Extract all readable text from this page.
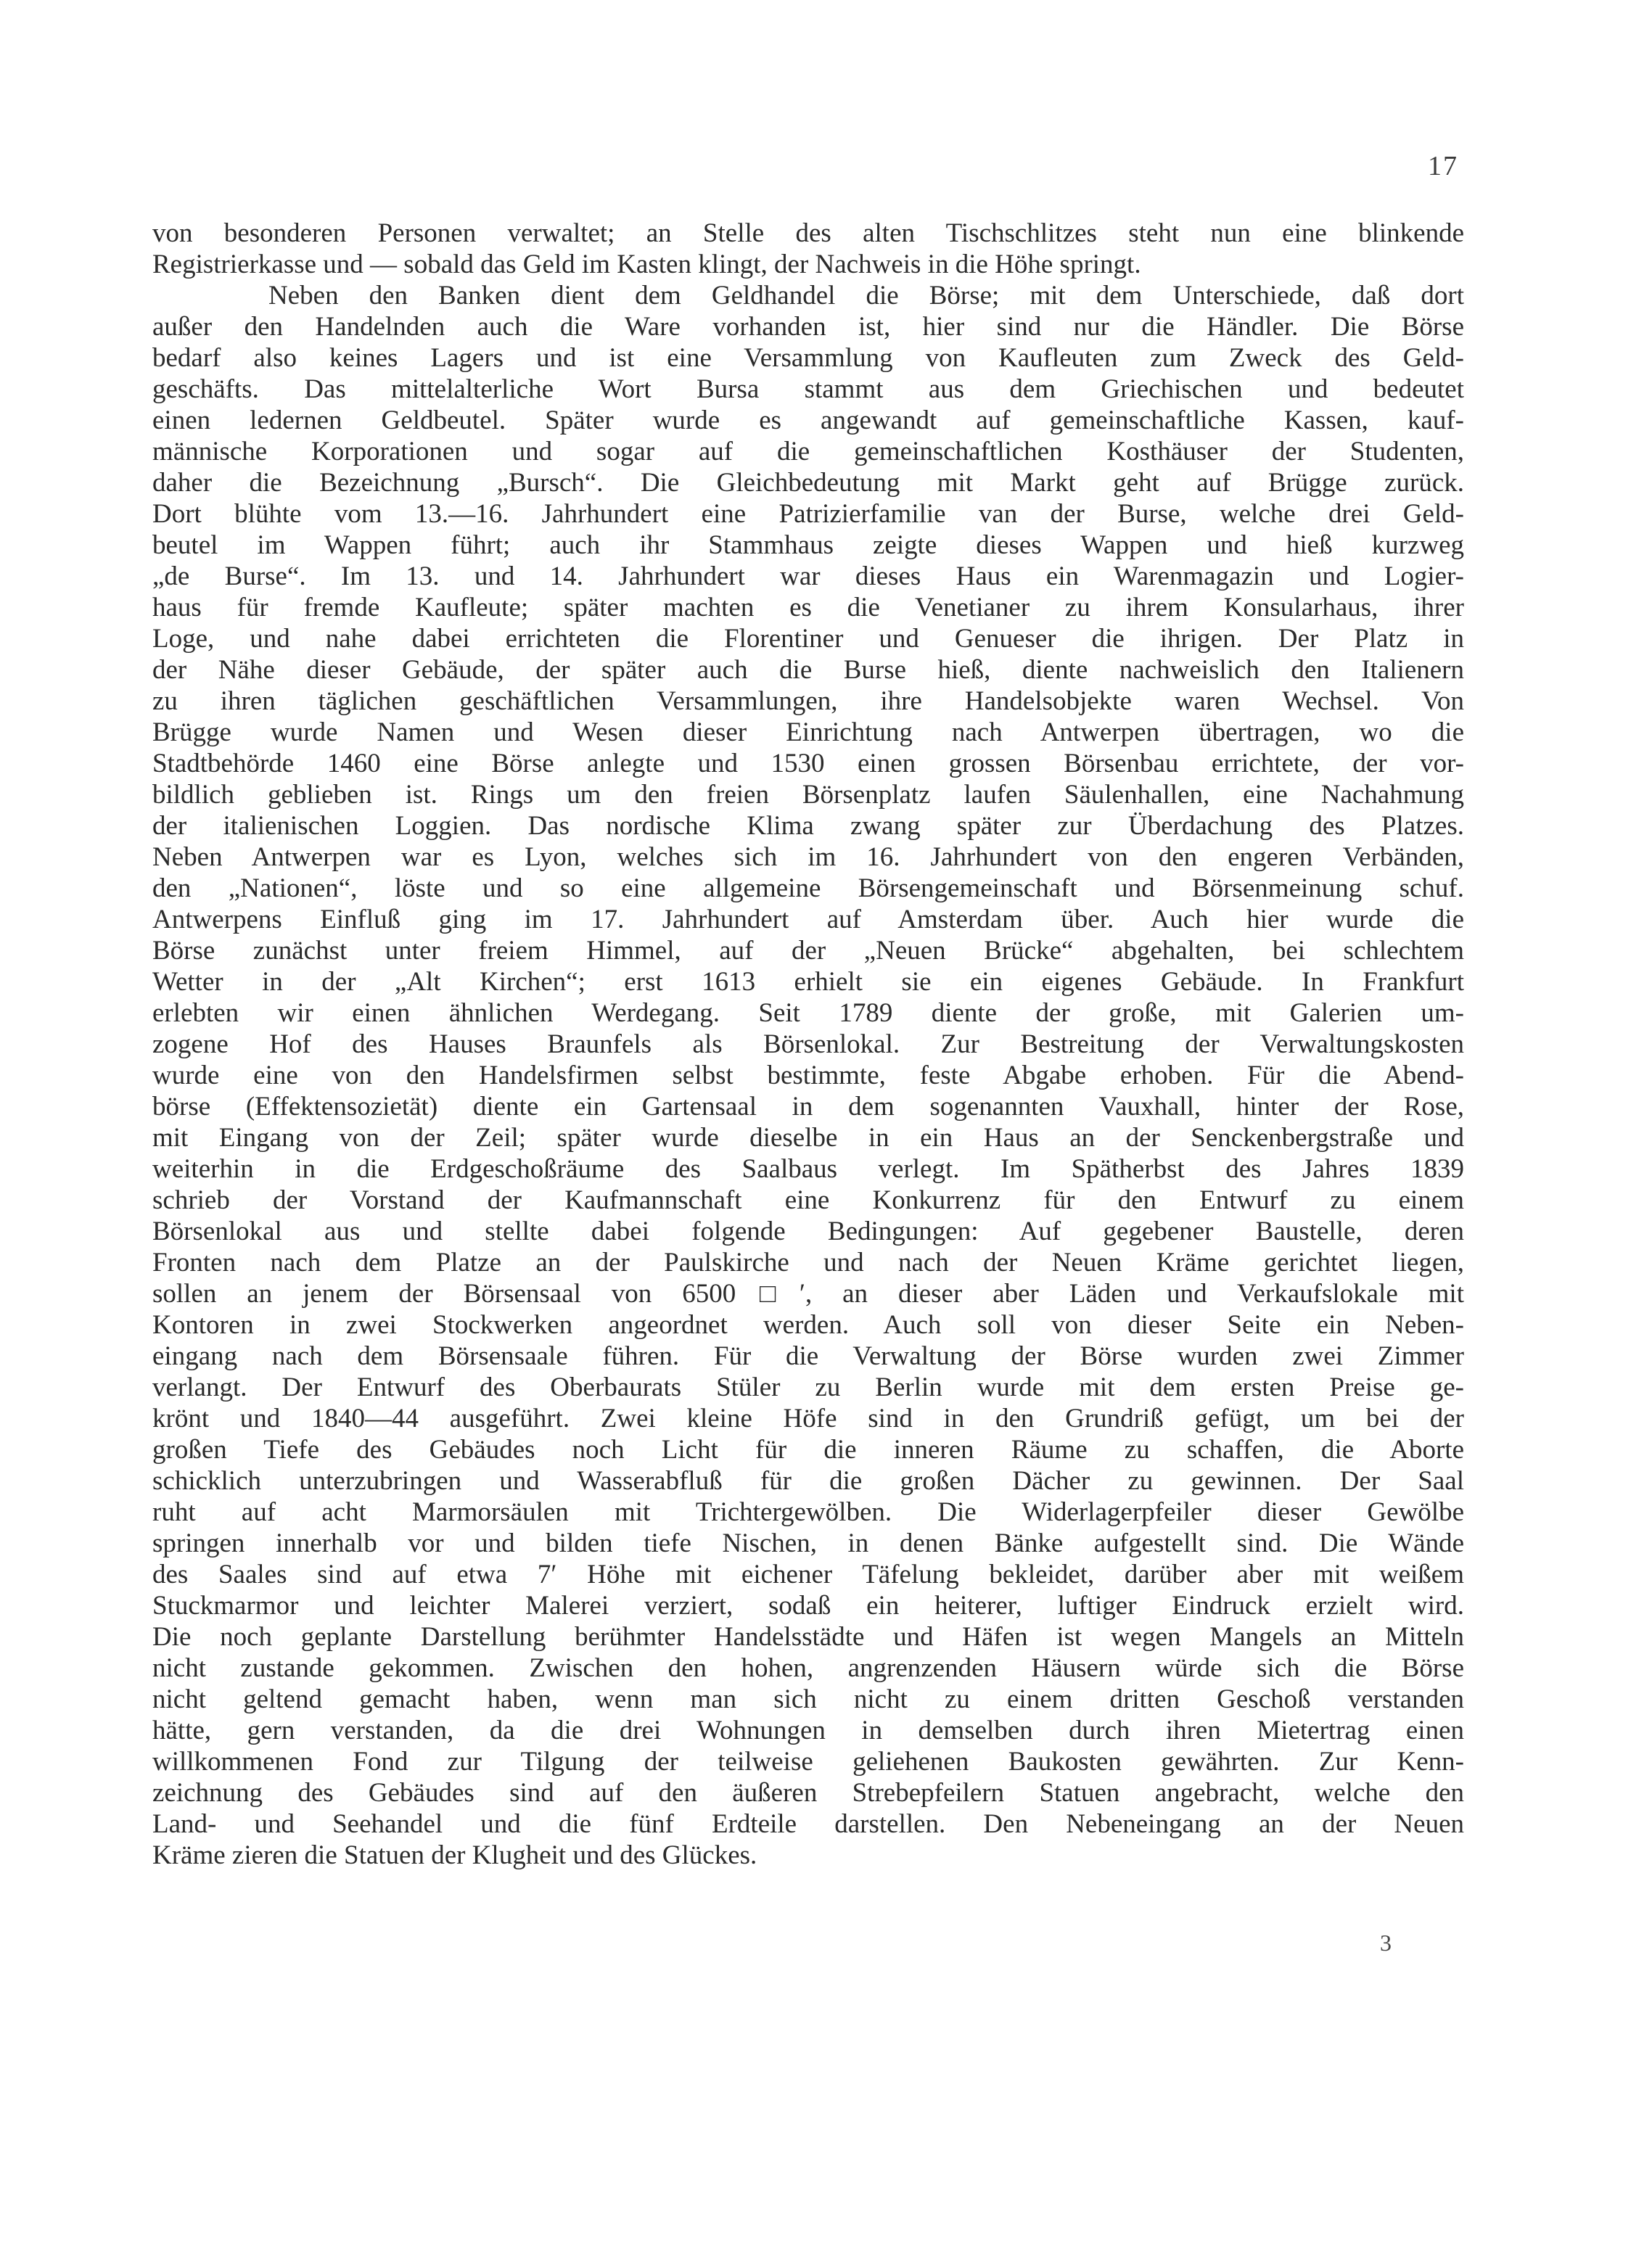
17
von besonderen Personen verwaltet; an Stelle des alten Tischschlitzes steht nun eine blinkende
Registrierkasse und — sobald das Geld im Kasten klingt, der Nachweis in die Höhe springt.
Neben den Banken dient dem Geldhandel die Börse; mit dem Unterschiede, daß dort
außer den Handelnden auch die Ware vorhanden ist, hier sind nur die Händler. Die Börse
bedarf also keines Lagers und ist eine Versammlung von Kaufleuten zum Zweck des Geld-
geschäfts. Das mittelalterliche Wort Bursa stammt aus dem Griechischen und bedeutet
einen ledernen Geldbeutel. Später wurde es angewandt auf gemeinschaftliche Kassen, kauf-
männische Korporationen und sogar auf die gemeinschaftlichen Kosthäuser der Studenten,
daher die Bezeichnung „Bursch“. Die Gleichbedeutung mit Markt geht auf Brügge zurück.
Dort blühte vom 13.—16. Jahrhundert eine Patrizierfamilie van der Burse, welche drei Geld-
beutel im Wappen führt; auch ihr Stammhaus zeigte dieses Wappen und hieß kurzweg
„de Burse“. Im 13. und 14. Jahrhundert war dieses Haus ein Warenmagazin und Logier-
haus für fremde Kaufleute; später machten es die Venetianer zu ihrem Konsularhaus, ihrer
Loge, und nahe dabei errichteten die Florentiner und Genueser die ihrigen. Der Platz in
der Nähe dieser Gebäude, der später auch die Burse hieß, diente nachweislich den Italienern
zu ihren täglichen geschäftlichen Versammlungen, ihre Handelsobjekte waren Wechsel. Von
Brügge wurde Namen und Wesen dieser Einrichtung nach Antwerpen übertragen, wo die
Stadtbehörde 1460 eine Börse anlegte und 1530 einen grossen Börsenbau errichtete, der vor-
bildlich geblieben ist. Rings um den freien Börsenplatz laufen Säulenhallen, eine Nachahmung
der italienischen Loggien. Das nordische Klima zwang später zur Überdachung des Platzes.
Neben Antwerpen war es Lyon, welches sich im 16. Jahrhundert von den engeren Verbänden,
den „Nationen“, löste und so eine allgemeine Börsengemeinschaft und Börsenmeinung schuf.
Antwerpens Einfluß ging im 17. Jahrhundert auf Amsterdam über. Auch hier wurde die
Börse zunächst unter freiem Himmel, auf der „Neuen Brücke“ abgehalten, bei schlechtem
Wetter in der „Alt Kirchen“; erst 1613 erhielt sie ein eigenes Gebäude. In Frankfurt
erlebten wir einen ähnlichen Werdegang. Seit 1789 diente der große, mit Galerien um-
zogene Hof des Hauses Braunfels als Börsenlokal. Zur Bestreitung der Verwaltungskosten
wurde eine von den Handelsfirmen selbst bestimmte, feste Abgabe erhoben. Für die Abend-
börse (Effektensozietät) diente ein Gartensaal in dem sogenannten Vauxhall, hinter der Rose,
mit Eingang von der Zeil; später wurde dieselbe in ein Haus an der Senckenbergstraße und
weiterhin in die Erdgeschoßräume des Saalbaus verlegt. Im Spätherbst des Jahres 1839
schrieb der Vorstand der Kaufmannschaft eine Konkurrenz für den Entwurf zu einem
Börsenlokal aus und stellte dabei folgende Bedingungen: Auf gegebener Baustelle, deren
Fronten nach dem Platze an der Paulskirche und nach der Neuen Kräme gerichtet liegen,
sollen an jenem der Börsensaal von 6500□′, an dieser aber Läden und Verkaufslokale mit
Kontoren in zwei Stockwerken angeordnet werden. Auch soll von dieser Seite ein Neben-
eingang nach dem Börsensaale führen. Für die Verwaltung der Börse wurden zwei Zimmer
verlangt. Der Entwurf des Oberbaurats Stüler zu Berlin wurde mit dem ersten Preise ge-
krönt und 1840—44 ausgeführt. Zwei kleine Höfe sind in den Grundriß gefügt, um bei der
großen Tiefe des Gebäudes noch Licht für die inneren Räume zu schaffen, die Aborte
schicklich unterzubringen und Wasserabfluß für die großen Dächer zu gewinnen. Der Saal
ruht auf acht Marmorsäulen mit Trichtergewölben. Die Widerlagerpfeiler dieser Gewölbe
springen innerhalb vor und bilden tiefe Nischen, in denen Bänke aufgestellt sind. Die Wände
des Saales sind auf etwa 7′ Höhe mit eichener Täfelung bekleidet, darüber aber mit weißem
Stuckmarmor und leichter Malerei verziert, sodaß ein heiterer, luftiger Eindruck erzielt wird.
Die noch geplante Darstellung berühmter Handelsstädte und Häfen ist wegen Mangels an Mitteln
nicht zustande gekommen. Zwischen den hohen, angrenzenden Häusern würde sich die Börse
nicht geltend gemacht haben, wenn man sich nicht zu einem dritten Geschoß verstanden
hätte, gern verstanden, da die drei Wohnungen in demselben durch ihren Mietertrag einen
willkommenen Fond zur Tilgung der teilweise geliehenen Baukosten gewährten. Zur Kenn-
zeichnung des Gebäudes sind auf den äußeren Strebepfeilern Statuen angebracht, welche den
Land- und Seehandel und die fünf Erdteile darstellen. Den Nebeneingang an der Neuen
Kräme zieren die Statuen der Klugheit und des Glückes.
3
